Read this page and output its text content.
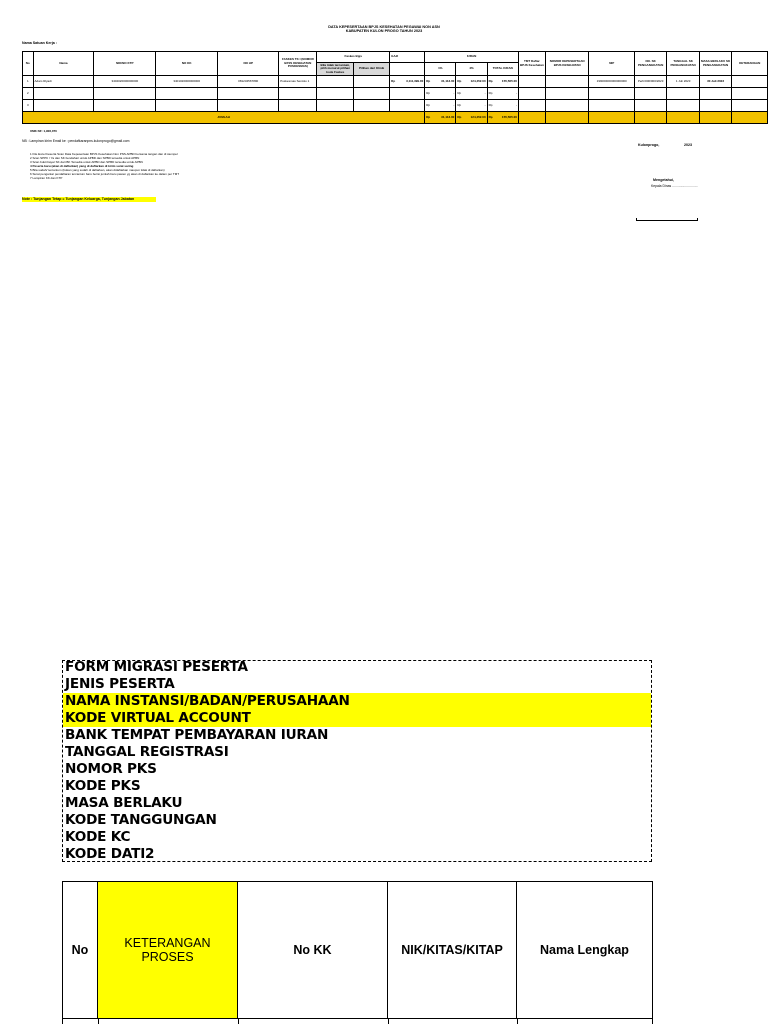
DATA KEPESERTAAN BPJS KESEHATAN PEGAWAI NON ASN
KABUPATEN KULON PROGO TAHUN 2023
Nama Satuan Kerja :
No	Nama	NIK/NO KTP	NO KK	NO HP	FASKES TK I (NOMOR BPJS KESEHATAN PUSKESMAS)	Faskes Bpjs		GAJI	IURAN			TMT Daftar BPJS Kesehatan	NOMOR KEPESERTAAN BPJS KESEHATAN	NIP	NO. SK PENGANGKATAN	TANGGAL SK PENGANGKATAN	MASA BERLAKU SK PENGANGKATAN	KETERANGAN
						Bila tidak tercantum, pilih menurut pilihan kode Faskes	Pilihan dari Klinik		1%	4%	TOTAL IURAN							
1	Adam Riyadi	3402020000000000	3401020000000000	081234567890	Puskesmas Sentolo 1			Rp 3,111,399.00	Rp 31,113.00	Rp 124,452.00	Rp 155,565.00			199000000000000000	Perb/000/000/2023	1 Juli 2023	30 Juli 2023	
2									Rp -	Rp -	Rp -							

3									Rp -	Rp -	Rp -							

JUMLAH									Rp 31,113.00	Rp 124,452.00	Rp 155,565.00							

UMK NF: 1,906,070
NB : Lampiran kirim Email ke : pendafkaranpns.kulonprogo@gmail.com
1 File Excel beserta Scan Data Kepesertaan BPJS Kesehatan Non PNS APBD bersama tangan dan di stempel
2 Scan SPPK / Ya dan SK bendahari untuk APBD dan SPBD tersedia untuk APBN
3 Scan bukti bayar SK dari BK Tersedia untuk APBD dan SPBD tersedia untuk APBN
4 Peserta baru (akan di daftarkan) yang di daftarkan di kirim surat saring
5 Bila sudah/ tercantum (bukan yang sudah di daftarkan, akan didaftarkan maupun tidak di daftarkan)
6 Surat pengantar pendaftaran tercantum baru berisi jumlah baru pasien yg akan di daftarkan ke dalam per TMT
7 Lampiran KK dan KTP
Note : Tunjangan Tetap = Tunjangan Keluarga, Tunjangan Jabatan
Kulonprogo,	2023
Mengetahui,
Kepala Dinas ...........................
FORM MIGRASI PESERTA
JENIS PESERTA
NAMA INSTANSI/BADAN/PERUSAHAAN
KODE VIRTUAL ACCOUNT
BANK TEMPAT PEMBAYARAN IURAN
TANGGAL REGISTRASI
NOMOR PKS
KODE PKS
MASA BERLAKU
KODE TANGGUNGAN
KODE KC
KODE DATI2
No	KETERANGAN PROSES	No KK	NIK/KITAS/KITAP	Nama Lengkap
